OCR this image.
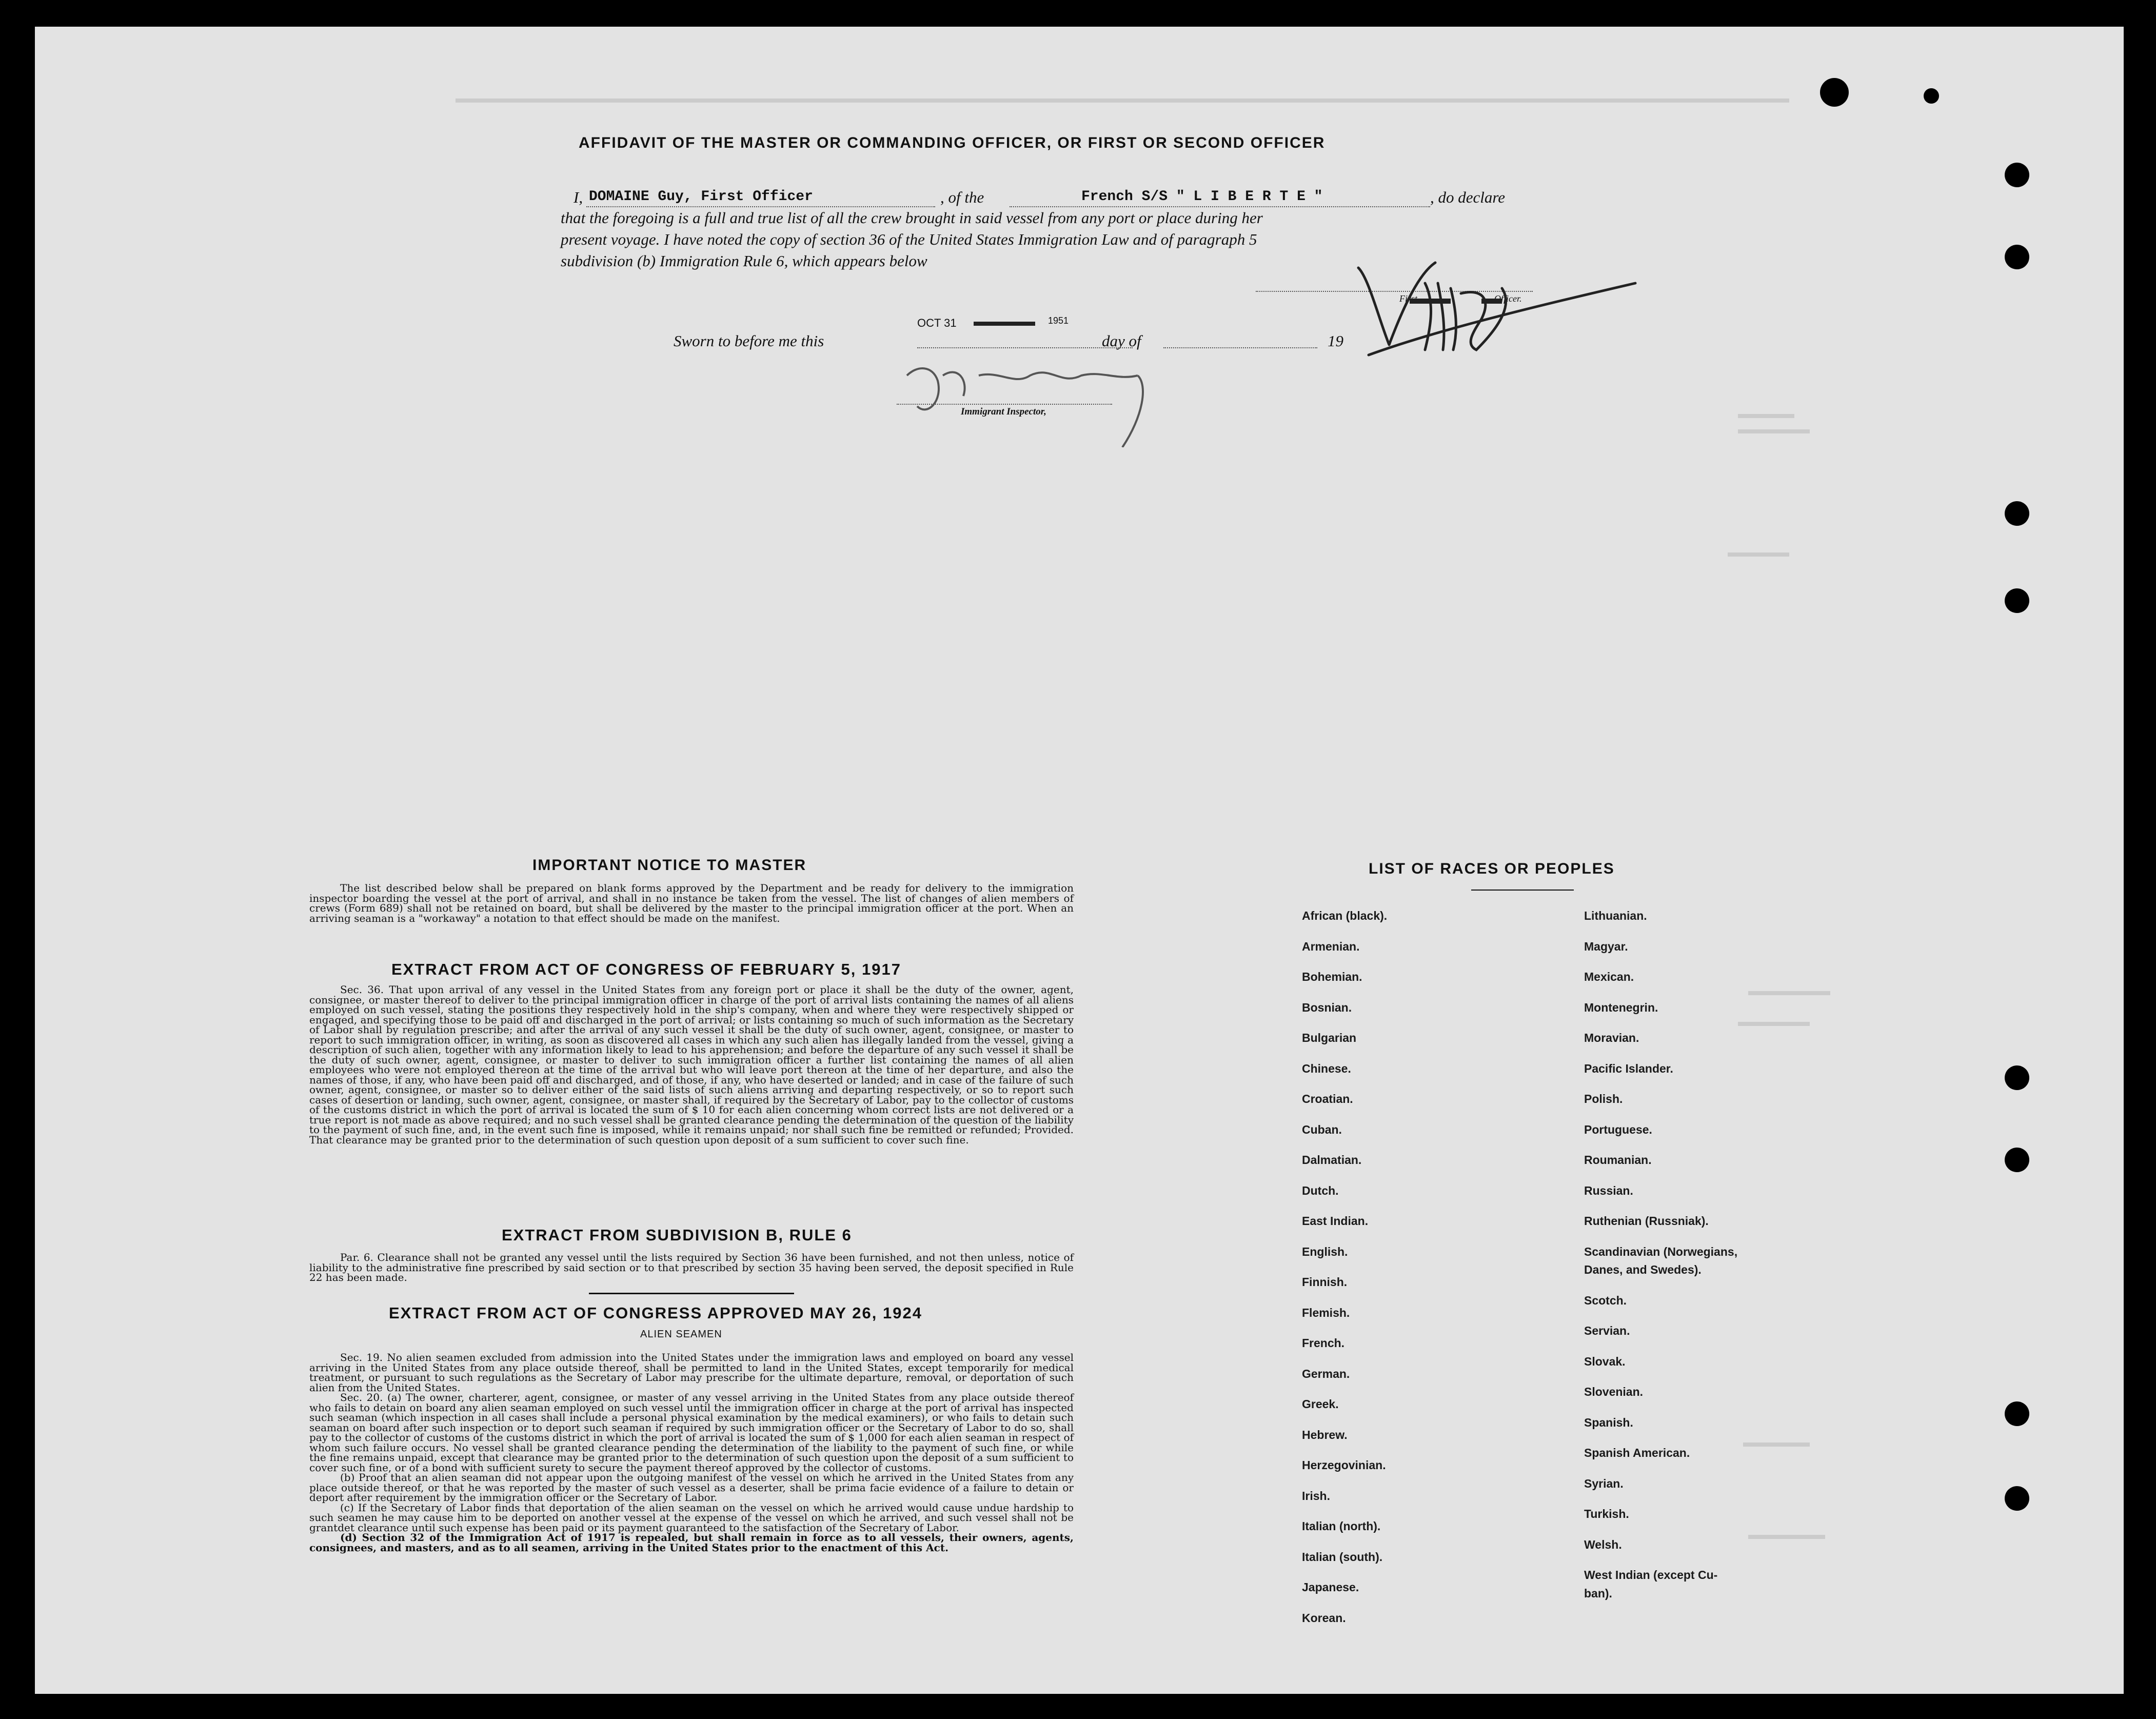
AFFIDAVIT OF THE MASTER OR COMMANDING OFFICER, OR FIRST OR SECOND OFFICER
I, DOMAINE Guy, First Officer	, of the	French S/S " L I B E R T E "	, do declare
that the foregoing is a full and true list of all the crew brought in said vessel from any port or place during her
present voyage. I have noted the copy of section 36 of the United States Immigration Law and of paragraph 5
subdivision (b) Immigration Rule 6, which appears below
First	Officer.
Sworn to before me this
OCT 31	1951
day of	19
Immigrant Inspector,
IMPORTANT NOTICE TO MASTER

The list described below shall be prepared on blank forms approved by the Department and be ready for delivery to the immigration inspector boarding the vessel at the port of arrival, and shall in no instance be taken from the vessel. The list of changes of alien members of crews (Form 689) shall not be retained on board, but shall be delivered by the master to the principal immigration officer at the port. When an arriving seaman is a "workaway" a notation to that effect should be made on the manifest.

EXTRACT FROM ACT OF CONGRESS OF FEBRUARY 5, 1917

Sec. 36. That upon arrival of any vessel in the United States from any foreign port or place it shall be the duty of the owner, agent, consignee, or master thereof to deliver to the principal immigration officer in charge of the port of arrival lists containing the names of all aliens employed on such vessel, stating the positions they respectively hold in the ship's company, when and where they were respectively shipped or engaged, and specifying those to be paid off and discharged in the port of arrival; or lists containing so much of such information as the Secretary of Labor shall by regulation prescribe; and after the arrival of any such vessel it shall be the duty of such owner, agent, consignee, or master to report to such immigration officer, in writing, as soon as discovered all cases in which any such alien has illegally landed from the vessel, giving a description of such alien, together with any information likely to lead to his apprehension; and before the departure of any such vessel it shall be the duty of such owner, agent, consignee, or master to deliver to such immigration officer a further list containing the names of all alien employees who were not employed thereon at the time of the arrival but who will leave port thereon at the time of her departure, and also the names of those, if any, who have been paid off and discharged, and of those, if any, who have deserted or landed; and in case of the failure of such owner, agent, consignee, or master so to deliver either of the said lists of such aliens arriving and departing respectively, or so to report such cases of desertion or landing, such owner, agent, consignee, or master shall, if required by the Secretary of Labor, pay to the collector of customs of the customs district in which the port of arrival is located the sum of $ 10 for each alien concerning whom correct lists are not delivered or a true report is not made as above required; and no such vessel shall be granted clearance pending the determination of the question of the liability to the payment of such fine, and, in the event such fine is imposed, while it remains unpaid; nor shall such fine be remitted or refunded; Provided. That clearance may be granted prior to the determination of such question upon deposit of a sum sufficient to cover such fine.

EXTRACT FROM SUBDIVISION B, RULE 6

Par. 6. Clearance shall not be granted any vessel until the lists required by Section 36 have been furnished, and not then unless, notice of liability to the administrative fine prescribed by said section or to that prescribed by section 35 having been served, the deposit specified in Rule 22 has been made.

EXTRACT FROM ACT OF CONGRESS APPROVED MAY 26, 1924
ALIEN SEAMEN

Sec. 19. No alien seamen excluded from admission into the United States under the immigration laws and employed on board any vessel arriving in the United States from any place outside thereof, shall be permitted to land in the United States, except temporarily for medical treatment, or pursuant to such regulations as the Secretary of Labor may prescribe for the ultimate departure, removal, or deportation of such alien from the United States.

Sec. 20. (a) The owner, charterer, agent, consignee, or master of any vessel arriving in the United States from any place outside thereof who fails to detain on board any alien seaman employed on such vessel until the immigration officer in charge at the port of arrival has inspected such seaman (which inspection in all cases shall include a personal physical examination by the medical examiners), or who fails to detain such seaman on board after such inspection or to deport such seaman if required by such immigration officer or the Secretary of Labor to do so, shall pay to the collector of customs of the customs district in which the port of arrival is located the sum of $ 1,000 for each alien seaman in respect of whom such failure occurs. No vessel shall be granted clearance pending the determination of the liability to the payment of such fine, or while the fine remains unpaid, except that clearance may be granted prior to the determination of such question upon the deposit of a sum sufficient to cover such fine, or of a bond with sufficient surety to secure the payment thereof approved by the collector of customs.

(b) Proof that an alien seaman did not appear upon the outgoing manifest of the vessel on which he arrived in the United States from any place outside thereof, or that he was reported by the master of such vessel as a deserter, shall be prima facie evidence of a failure to detain or deport after requirement by the immigration officer or the Secretary of Labor.

(c) If the Secretary of Labor finds that deportation of the alien seaman on the vessel on which he arrived would cause undue hardship to such seamen he may cause him to be deported on another vessel at the expense of the vessel on which he arrived, and such vessel shall not be grantdet clearance until such expense has been paid or its payment guaranteed to the satisfaction of the Secretary of Labor.

(d) Section 32 of the Immigration Act of 1917 is repealed, but shall remain in force as to all vessels, their owners, agents, consignees, and masters, and as to all seamen, arriving in the United States prior to the enactment of this Act.

LIST OF RACES OR PEOPLES
African (black).
Armenian.
Bohemian.
Bosnian.
Bulgarian
Chinese.
Croatian.
Cuban.
Dalmatian.
Dutch.
East Indian.
English.
Finnish.
Flemish.
French.
German.
Greek.
Hebrew.
Herzegovinian.
Irish.
Italian (north).
Italian (south).
Japanese.
Korean.
Lithuanian.
Magyar.
Mexican.
Montenegrin.
Moravian.
Pacific Islander.
Polish.
Portuguese.
Roumanian.
Russian.
Ruthenian (Russniak).
Scandinavian (Norwegians,
Danes, and Swedes).
Scotch.
Servian.
Slovak.
Slovenian.
Spanish.
Spanish American.
Syrian.
Turkish.
Welsh.
West Indian (except Cu-
ban).
